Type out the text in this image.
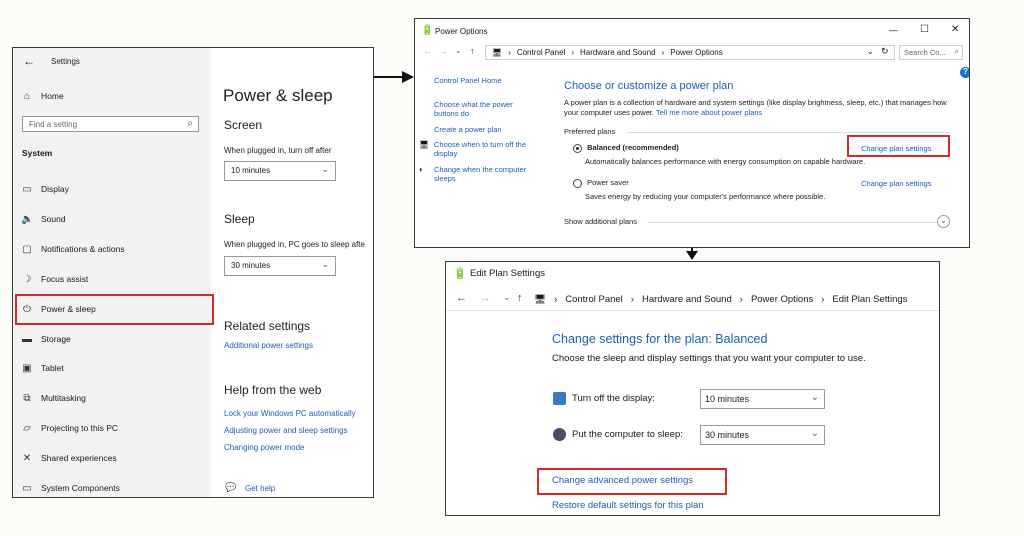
← Settings
⌂	Home
Find a setting	⌕
System
Power & sleep
Screen
When plugged in, turn off after
10 minutes	⌄
Sleep
When plugged in, PC goes to sleep afte
30 minutes	⌄
Related settings
Additional power settings
Help from the web
Lock your Windows PC automatically
Adjusting power and sleep settings
Changing power mode
💬 Get help
▭ Display
🔈 Sound
▢ Notifications & actions
☽ Focus assist
⏻ Power & sleep
▬ Storage
▣ Tablet
⧉ Multitasking
▱ Projecting to this PC
✕ Shared experiences
▭ System Components
🔋 Power Options	— ☐ ✕
← → ⌄ ↑ 🖥 › Control Panel › Hardware and Sound › Power Options	⌄ ↻	Search Co... ⌕
?
Control Panel Home
Choose what the power buttons do
Create a power plan
🖥 Choose when to turn off the display
◐ Change when the computer sleeps
Choose or customize a power plan
A power plan is a collection of hardware and system settings (like display brightness, sleep, etc.) that manages how your computer uses power. Tell me more about power plans
Preferred plans
Balanced (recommended)
Automatically balances performance with energy consumption on capable hardware.
Change plan settings
Power saver
Saves energy by reducing your computer's performance where possible.
Change plan settings
Show additional plans	⌄
🔋 Edit Plan Settings
← → ⌄ ↑ 🖥 › Control Panel › Hardware and Sound › Power Options › Edit Plan Settings
Change settings for the plan: Balanced
Choose the sleep and display settings that you want your computer to use.
Turn off the display:	10 minutes	⌄
Put the computer to sleep:	30 minutes	⌄
Change advanced power settings
Restore default settings for this plan
